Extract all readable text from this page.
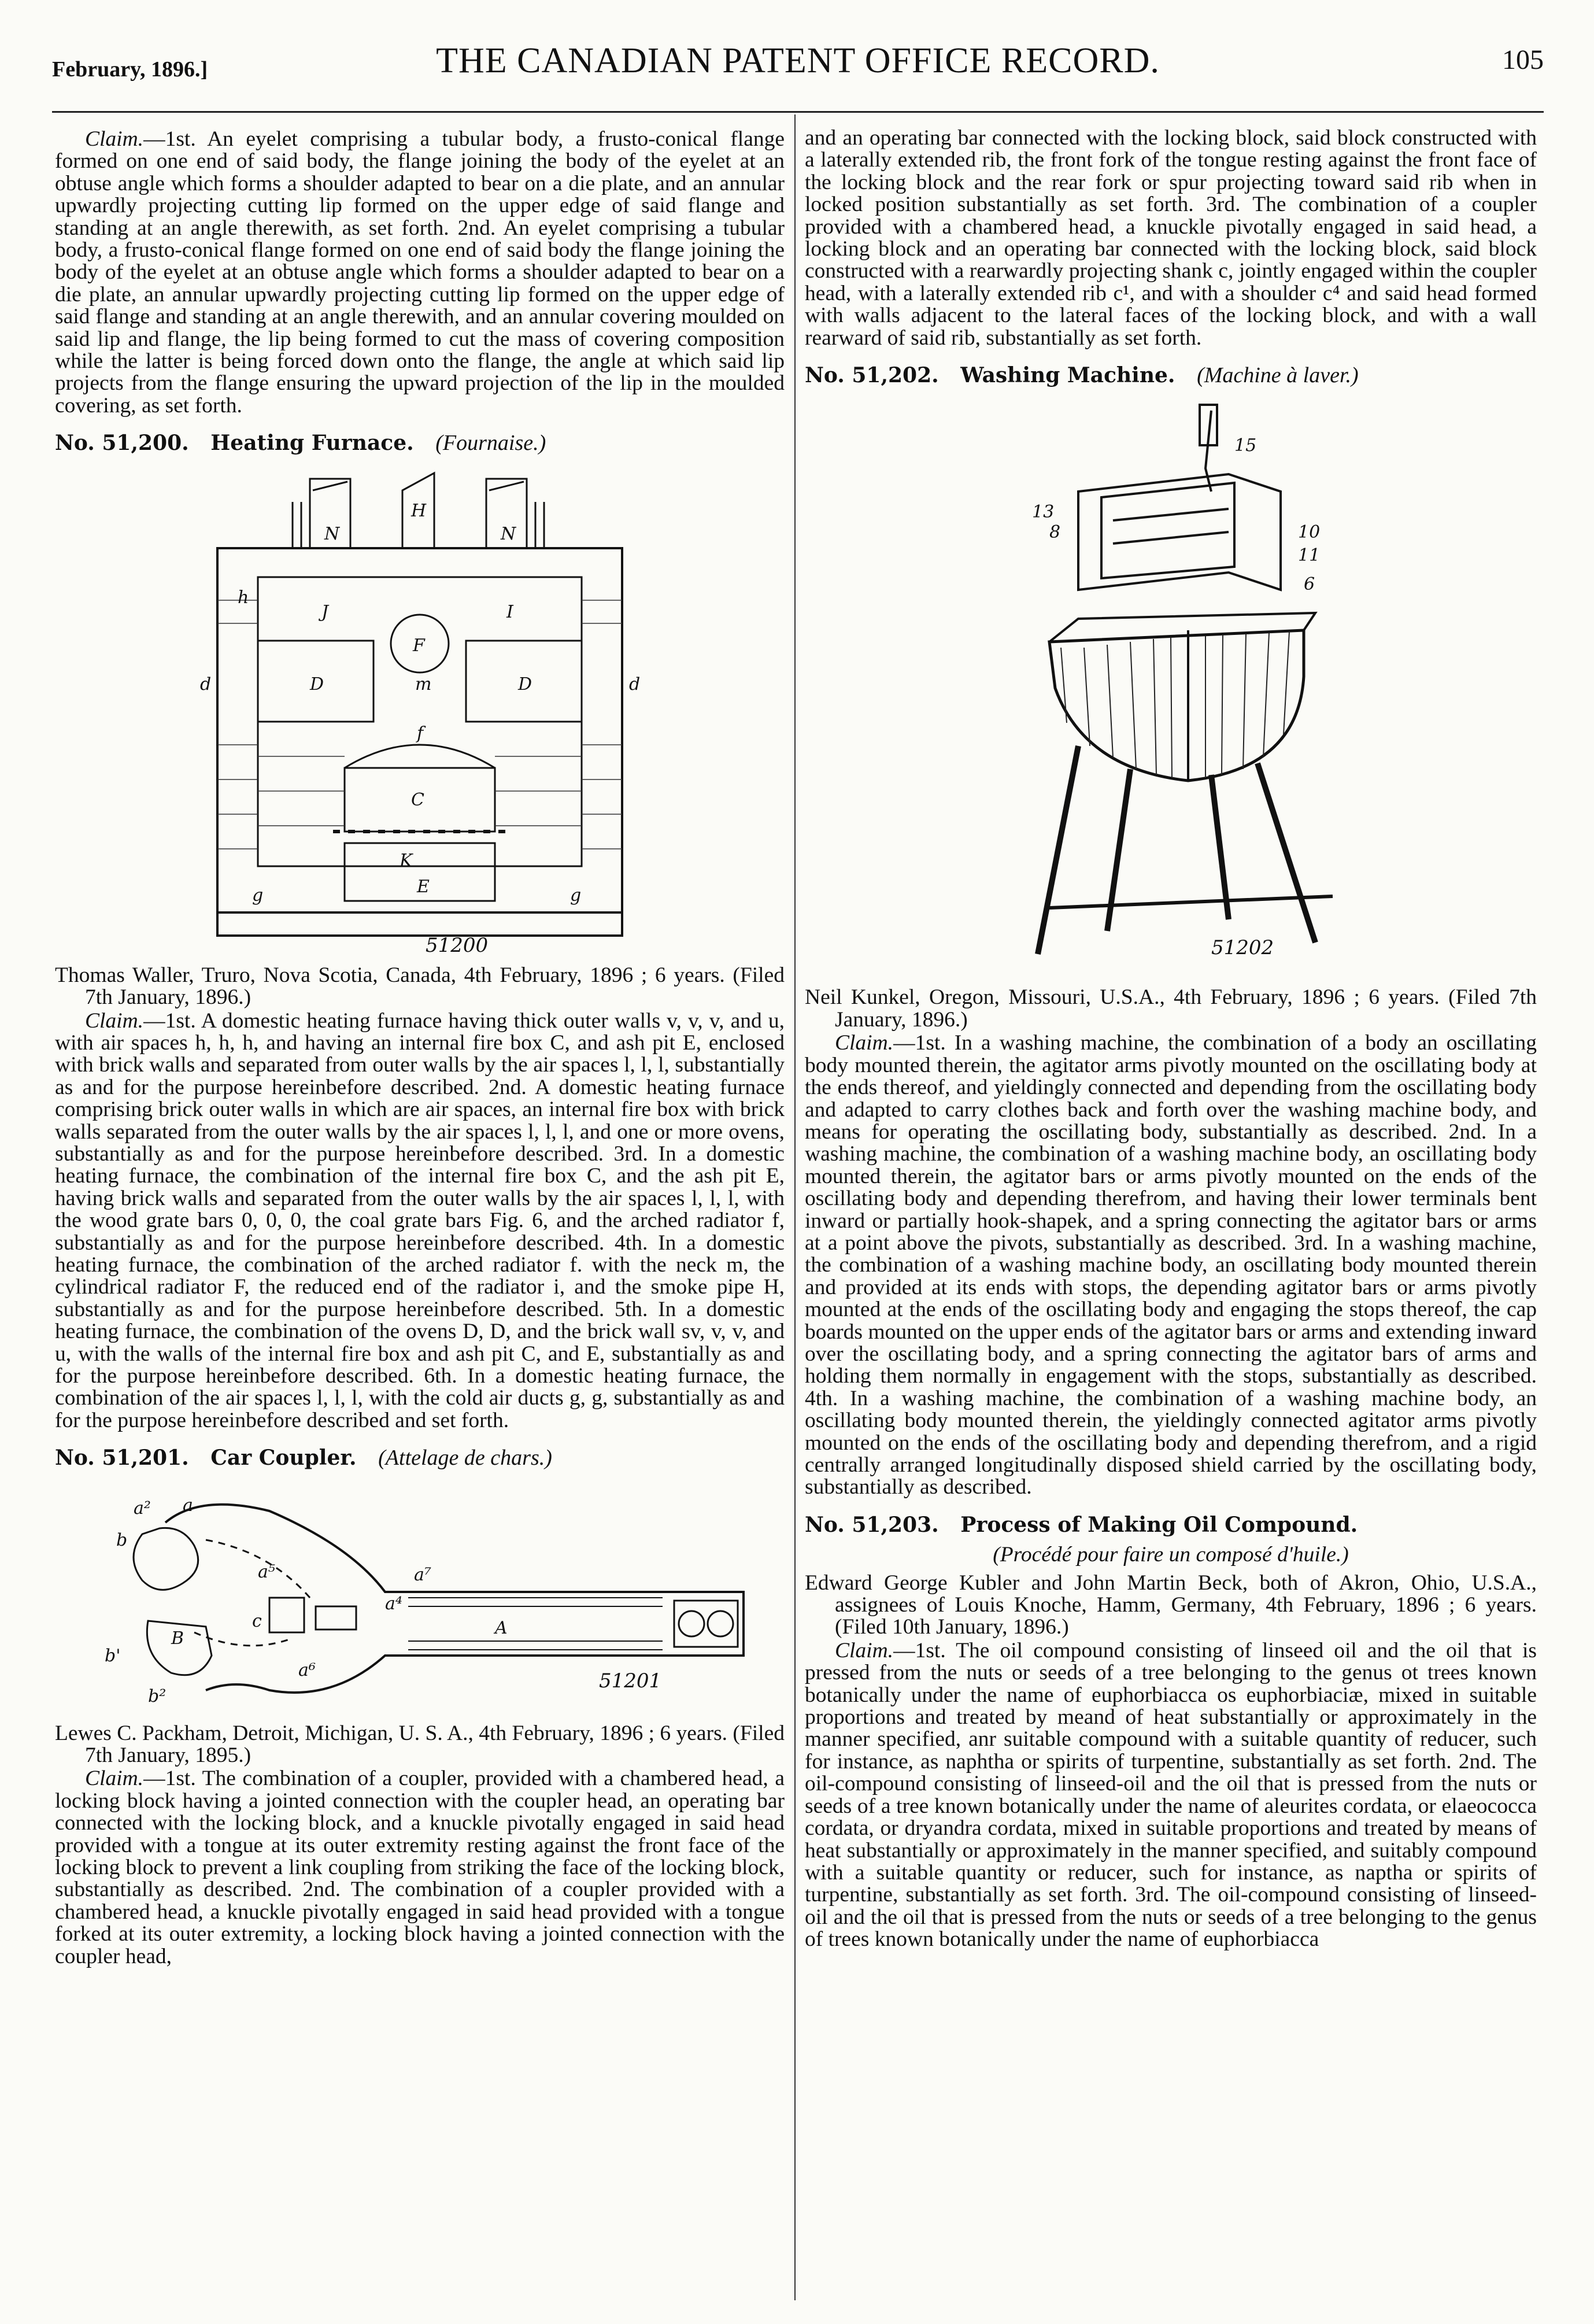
February, 1896.]	THE CANADIAN PATENT OFFICE RECORD.	105

Claim.—1st. An eyelet comprising a tubular body, a frusto-conical flange formed on one end of said body, the flange joining the body of the eyelet at an obtuse angle which forms a shoulder adapted to bear on a die plate, and an annular upwardly projecting cutting lip formed on the upper edge of said flange and standing at an angle therewith, as set forth. 2nd. An eyelet comprising a tubular body, a frusto-conical flange formed on one end of said body the flange joining the body of the eyelet at an obtuse angle which forms a shoulder adapted to bear on a die plate, an annular upwardly projecting cutting lip formed on the upper edge of said flange and standing at an angle therewith, and an annular covering moulded on said lip and flange, the lip being formed to cut the mass of covering composition while the latter is being forced down onto the flange, the angle at which said lip projects from the flange ensuring the upward projection of the lip in the moulded covering, as set forth.

No. 51,200. Heating Furnace. (Fournaise.)
H
N	N
F
J	I
D	D
m
f
C
K
E
g	g
h
d	d
51200

Thomas Waller, Truro, Nova Scotia, Canada, 4th February, 1896 ; 6 years. (Filed 7th January, 1896.)

Claim.—1st. A domestic heating furnace having thick outer walls v, v, v, and u, with air spaces h, h, h, and having an internal fire box C, and ash pit E, enclosed with brick walls and separated from outer walls by the air spaces l, l, l, substantially as and for the purpose hereinbefore described. 2nd. A domestic heating furnace comprising brick outer walls in which are air spaces, an internal fire box with brick walls separated from the outer walls by the air spaces l, l, l, and one or more ovens, substantially as and for the purpose hereinbefore described. 3rd. In a domestic heating furnace, the combination of the internal fire box C, and the ash pit E, having brick walls and separated from the outer walls by the air spaces l, l, l, with the wood grate bars 0, 0, 0, the coal grate bars Fig. 6, and the arched radiator f, substantially as and for the purpose hereinbefore described. 4th. In a domestic heating furnace, the combination of the arched radiator f. with the neck m, the cylindrical radiator F, the reduced end of the radiator i, and the smoke pipe H, substantially as and for the purpose hereinbefore described. 5th. In a domestic heating furnace, the combination of the ovens D, D, and the brick wall sv, v, v, and u, with the walls of the internal fire box and ash pit C, and E, substantially as and for the purpose hereinbefore described. 6th. In a domestic heating furnace, the combination of the air spaces l, l, l, with the cold air ducts g, g, substantially as and for the purpose hereinbefore described and set forth.

No. 51,201. Car Coupler. (Attelage de chars.)
a²
b
a
a⁵	a⁷
a⁴
A
c
B
b'
b²
a⁶	51201

Lewes C. Packham, Detroit, Michigan, U. S. A., 4th February, 1896 ; 6 years. (Filed 7th January, 1895.)

Claim.—1st. The combination of a coupler, provided with a chambered head, a locking block having a jointed connection with the coupler head, an operating bar connected with the locking block, and a knuckle pivotally engaged in said head provided with a tongue at its outer extremity resting against the front face of the locking block to prevent a link coupling from striking the face of the locking block, substantially as described. 2nd. The combination of a coupler provided with a chambered head, a knuckle pivotally engaged in said head provided with a tongue forked at its outer extremity, a locking block having a jointed connection with the coupler head,

and an operating bar connected with the locking block, said block constructed with a laterally extended rib, the front fork of the tongue resting against the front face of the locking block and the rear fork or spur projecting toward said rib when in locked position substantially as set forth. 3rd. The combination of a coupler provided with a chambered head, a knuckle pivotally engaged in said head, a locking block and an operating bar connected with the locking block, said block constructed with a rearwardly projecting shank c, jointly engaged within the coupler head, with a laterally extended rib c¹, and with a shoulder c⁴ and said head formed with walls adjacent to the lateral faces of the locking block, and with a wall rearward of said rib, substantially as set forth.

No. 51,202. Washing Machine. (Machine à laver.)
15
13
8	10
11
6
51202

Neil Kunkel, Oregon, Missouri, U.S.A., 4th February, 1896 ; 6 years. (Filed 7th January, 1896.)

Claim.—1st. In a washing machine, the combination of a body an oscillating body mounted therein, the agitator arms pivotly mounted on the oscillating body at the ends thereof, and yieldingly connected and depending from the oscillating body and adapted to carry clothes back and forth over the washing machine body, and means for operating the oscillating body, substantially as described. 2nd. In a washing machine, the combination of a washing machine body, an oscillating body mounted therein, the agitator bars or arms pivotly mounted on the ends of the oscillating body and depending therefrom, and having their lower terminals bent inward or partially hook-shapek, and a spring connecting the agitator bars or arms at a point above the pivots, substantially as described. 3rd. In a washing machine, the combination of a washing machine body, an oscillating body mounted therein and provided at its ends with stops, the depending agitator bars or arms pivotly mounted at the ends of the oscillating body and engaging the stops thereof, the cap boards mounted on the upper ends of the agitator bars or arms and extending inward over the oscillating body, and a spring connecting the agitator bars of arms and holding them normally in engagement with the stops, substantially as described. 4th. In a washing machine, the combination of a washing machine body, an oscillating body mounted therein, the yieldingly connected agitator arms pivotly mounted on the ends of the oscillating body and depending therefrom, and a rigid centrally arranged longitudinally disposed shield carried by the oscillating body, substantially as described.

No. 51,203. Process of Making Oil Compound.

(Procédé pour faire un composé d'huile.)

Edward George Kubler and John Martin Beck, both of Akron, Ohio, U.S.A., assignees of Louis Knoche, Hamm, Germany, 4th February, 1896 ; 6 years. (Filed 10th January, 1896.)

Claim.—1st. The oil compound consisting of linseed oil and the oil that is pressed from the nuts or seeds of a tree belonging to the genus ot trees known botanically under the name of euphorbiacca os euphorbiaciæ, mixed in suitable proportions and treated by meand of heat substantially or approximately in the manner specified, anr suitable compound with a suitable quantity of reducer, such for instance, as naphtha or spirits of turpentine, substantially as set forth. 2nd. The oil-compound consisting of linseed-oil and the oil that is pressed from the nuts or seeds of a tree known botanically under the name of aleurites cordata, or elaeococca cordata, or dryandra cordata, mixed in suitable proportions and treated by means of heat substantially or approximately in the manner specified, and suitably compound with a suitable quantity or reducer, such for instance, as naptha or spirits of turpentine, substantially as set forth. 3rd. The oil-compound consisting of linseed-oil and the oil that is pressed from the nuts or seeds of a tree belonging to the genus of trees known botanically under the name of euphorbiacca
